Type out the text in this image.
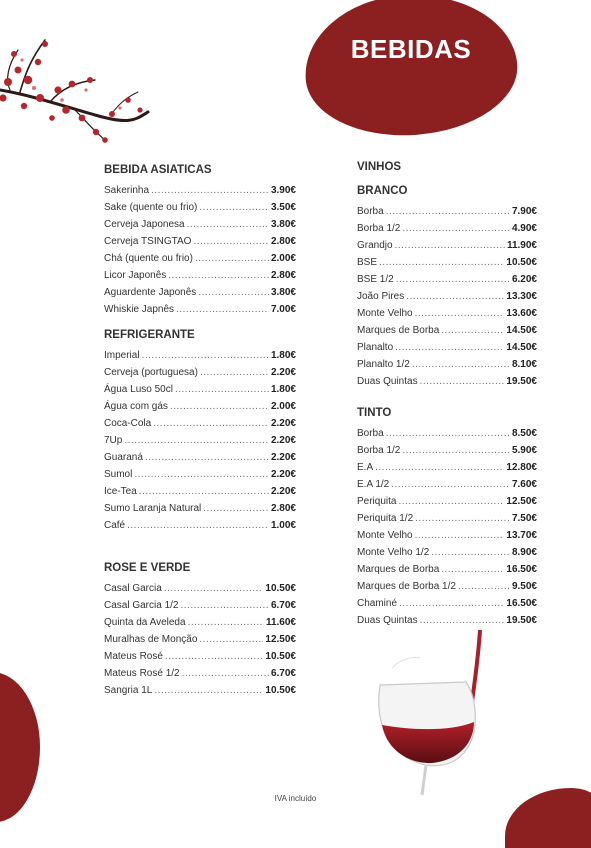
BEBIDAS
BEBIDA ASIATICAS
Sakerinha .....	3.90€
Sake (quente ou frio) .....	3.50€
Cerveja Japonesa .....	3.80€
Cerveja TSINGTAO .....	2.80€
Chá (quente ou frio) .....	2.00€
Licor Japonês .....	2.80€
Aguardente Japonês .....	3.80€
Whiskie Japnês .....	7.00€
REFRIGERANTE
Imperial .....	1.80€
Cerveja (portuguesa) .....	2.20€
Água Luso 50cl .....	1.80€
Água com gás .....	2.00€
Coca-Cola .....	2.20€
7Up .....	2.20€
Guaraná .....	2.20€
Sumol .....	2.20€
Ice-Tea .....	2.20€
Sumo Laranja Natural .....	2.80€
Café .....	1.00€
ROSE E VERDE
Casal Garcia .....	10.50€
Casal Garcia 1/2 .....	6.70€
Quinta da Aveleda .....	11.60€
Muralhas de Monção .....	12.50€
Mateus Rosé .....	10.50€
Mateus Rosé 1/2 .....	6.70€
Sangria 1L .....	10.50€
VINHOS
BRANCO
Borba .....	7.90€
Borba 1/2 .....	4.90€
Grandjo .....	11.90€
BSE .....	10.50€
BSE 1/2 .....	6.20€
João Pires .....	13.30€
Monte Velho .....	13.60€
Marques de Borba .....	14.50€
Planalto .....	14.50€
Planalto 1/2 .....	8.10€
Duas Quintas .....	19.50€
TINTO
Borba .....	8.50€
Borba 1/2 .....	5.90€
E.A .....	12.80€
E.A 1/2 .....	7.60€
Periquita .....	12.50€
Periquita 1/2 .....	7.50€
Monte Velho .....	13.70€
Monte Velho 1/2 .....	8.90€
Marques de Borba .....	16.50€
Marques de Borba 1/2 .....	9.50€
Chaminé .....	16.50€
Duas Quintas .....	19.50€
IVA incluído
